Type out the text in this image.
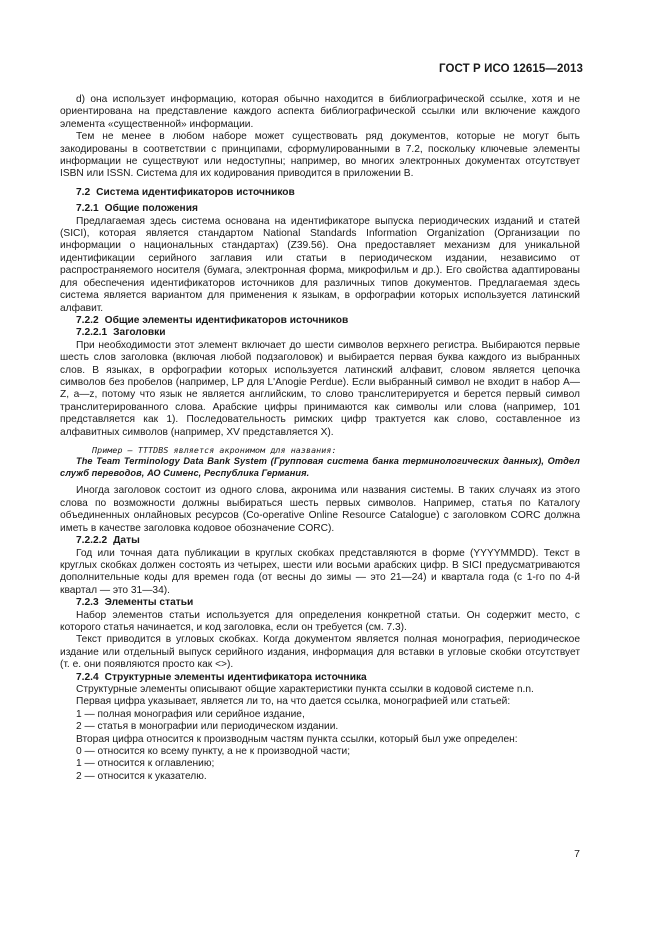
ГОСТ Р ИСО 12615—2013

d) она использует информацию, которая обычно находится в библиографической ссылке, хотя и не ориентирована на представление каждого аспекта библиографической ссылки или включение каждого элемента «существенной» информации.

Тем не менее в любом наборе может существовать ряд документов, которые не могут быть закодированы в соответствии с принципами, сформулированными в 7.2, поскольку ключевые элементы информации не существуют или недоступны; например, во многих электронных документах отсутствует ISBN или ISSN. Система для их кодирования приводится в приложении B.

7.2 Система идентификаторов источников
7.2.1 Общие положения

Предлагаемая здесь система основана на идентификаторе выпуска периодических изданий и статей (SICI), которая является стандартом National Standards Information Organization (Организации по информации о национальных стандартах) (Z39.56). Она предоставляет механизм для уникальной идентификации серийного заглавия или статьи в периодическом издании, независимо от распространяемого носителя (бумага, электронная форма, микрофильм и др.). Его свойства адаптированы для обеспечения идентификаторов источников для различных типов документов. Предлагаемая здесь система является вариантом для применения к языкам, в орфографии которых используется латинский алфавит.

7.2.2 Общие элементы идентификаторов источников
7.2.2.1 Заголовки

При необходимости этот элемент включает до шести символов верхнего регистра. Выбираются первые шесть слов заголовка (включая любой подзаголовок) и выбирается первая буква каждого из выбранных слов. В языках, в орфографии которых используется латинский алфавит, словом является цепочка символов без пробелов (например, LP для L'Anogie Perdue). Если выбранный символ не входит в набор A—Z, a—z, потому что язык не является английским, то слово транслитерируется и берется первый символ транслитерированного слова. Арабские цифры принимаются как символы или слова (например, 101 представляется как 1). Последовательность римских цифр трактуется как слово, составленное из алфавитных символов (например, XV представляется X).

Пример — TTTDBS является акронимом для названия:

The Team Terminology Data Bank System (Групповая система банка терминологических данных), Отдел служб переводов, АО Сименс, Республика Германия.

Иногда заголовок состоит из одного слова, акронима или названия системы. В таких случаях из этого слова по возможности должны выбираться шесть первых символов. Например, статья по Каталогу объединенных онлайновых ресурсов (Co-operative Online Resource Catalogue) с заголовком CORC должна иметь в качестве заголовка кодовое обозначение CORC).

7.2.2.2 Даты

Год или точная дата публикации в круглых скобках представляются в форме (YYYYMMDD). Текст в круглых скобках должен состоять из четырех, шести или восьми арабских цифр. В SICI предусматриваются дополнительные коды для времен года (от весны до зимы — это 21—24) и квартала года (с 1-го по 4-й квартал — это 31—34).

7.2.3 Элементы статьи

Набор элементов статьи используется для определения конкретной статьи. Он содержит место, с которого статья начинается, и код заголовка, если он требуется (см. 7.3).

Текст приводится в угловых скобках. Когда документом является полная монография, периодическое издание или отдельный выпуск серийного издания, информация для вставки в угловые скобки отсутствует (т. е. они появляются просто как <>).

7.2.4 Структурные элементы идентификатора источника

Структурные элементы описывают общие характеристики пункта ссылки в кодовой системе n.n.

Первая цифра указывает, является ли то, на что дается ссылка, монографией или статьей:

1 — полная монография или серийное издание,

2 — статья в монографии или периодическом издании.

Вторая цифра относится к производным частям пункта ссылки, который был уже определен:

0 — относится ко всему пункту, а не к производной части;

1 — относится к оглавлению;

2 — относится к указателю.

7
